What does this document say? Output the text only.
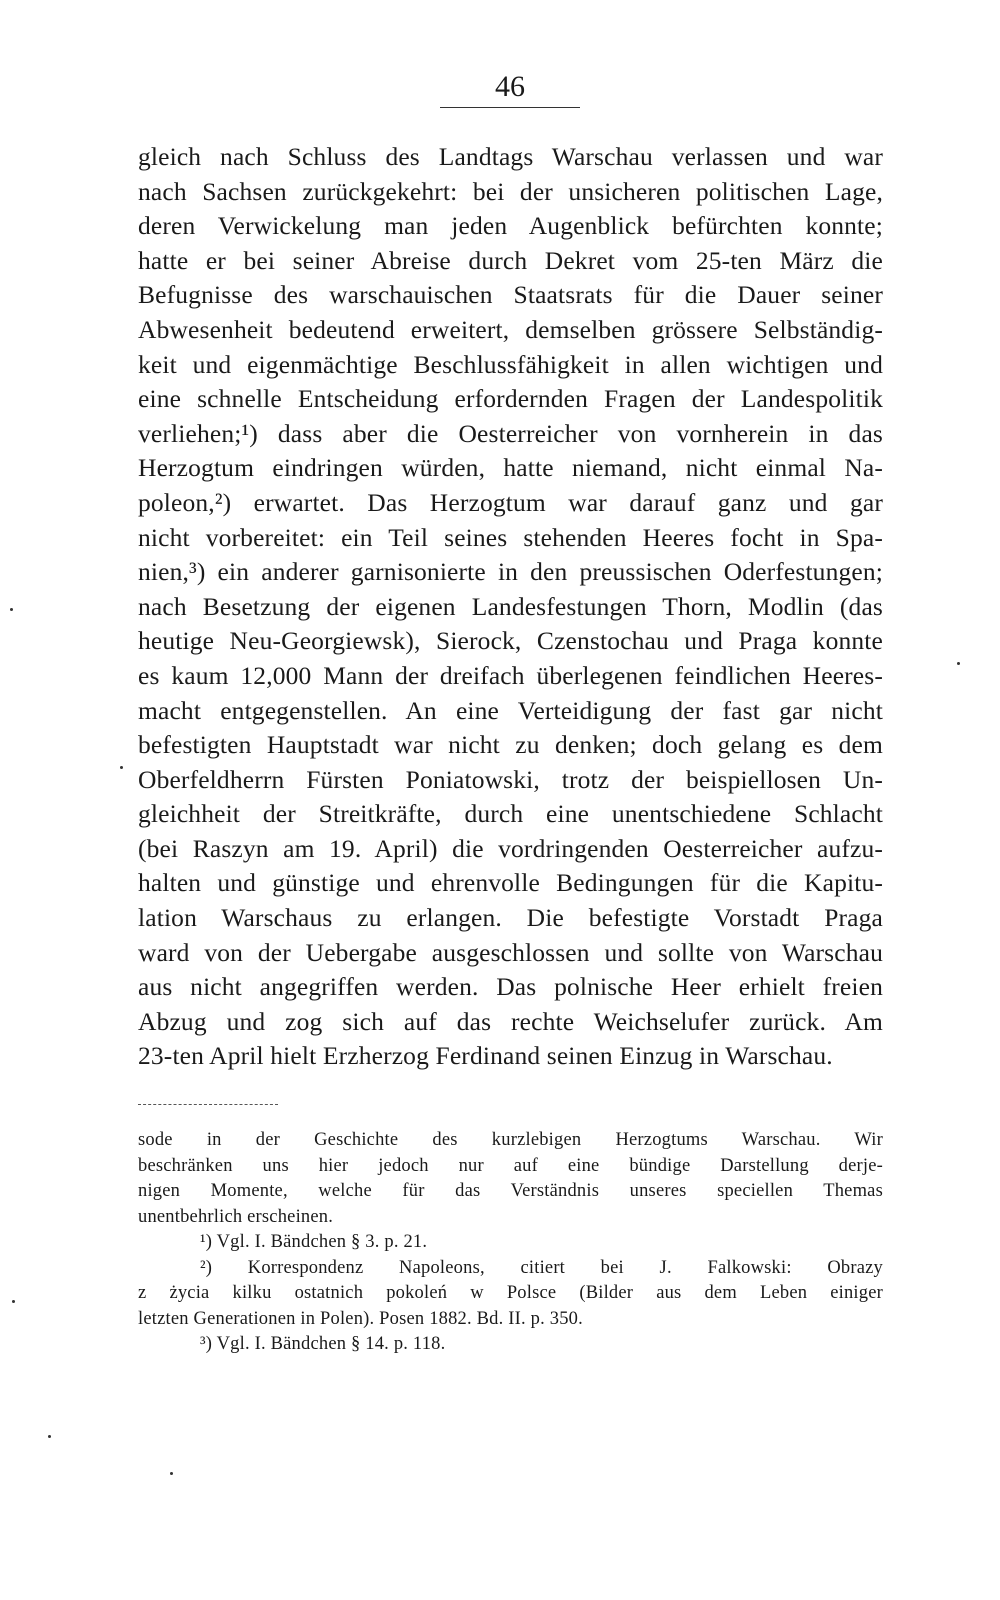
46
gleich nach Schluss des Landtags Warschau verlassen und war
nach Sachsen zurückgekehrt: bei der unsicheren politischen Lage,
deren Verwickelung man jeden Augenblick befürchten konnte;
hatte er bei seiner Abreise durch Dekret vom 25-ten März die
Befugnisse des warschauischen Staatsrats für die Dauer seiner
Abwesenheit bedeutend erweitert, demselben grössere Selbständig-
keit und eigenmächtige Beschlussfähigkeit in allen wichtigen und
eine schnelle Entscheidung erfordernden Fragen der Landespolitik
verliehen;¹) dass aber die Oesterreicher von vornherein in das
Herzogtum eindringen würden, hatte niemand, nicht einmal Na-
poleon,²) erwartet. Das Herzogtum war darauf ganz und gar
nicht vorbereitet: ein Teil seines stehenden Heeres focht in Spa-
nien,³) ein anderer garnisonierte in den preussischen Oderfestungen;
nach Besetzung der eigenen Landesfestungen Thorn, Modlin (das
heutige Neu-Georgiewsk), Sierock, Czenstochau und Praga konnte
es kaum 12,000 Mann der dreifach überlegenen feindlichen Heeres-
macht entgegenstellen. An eine Verteidigung der fast gar nicht
befestigten Hauptstadt war nicht zu denken; doch gelang es dem
Oberfeldherrn Fürsten Poniatowski, trotz der beispiellosen Un-
gleichheit der Streitkräfte, durch eine unentschiedene Schlacht
(bei Raszyn am 19. April) die vordringenden Oesterreicher aufzu-
halten und günstige und ehrenvolle Bedingungen für die Kapitu-
lation Warschaus zu erlangen. Die befestigte Vorstadt Praga
ward von der Uebergabe ausgeschlossen und sollte von Warschau
aus nicht angegriffen werden. Das polnische Heer erhielt freien
Abzug und zog sich auf das rechte Weichselufer zurück. Am
23-ten April hielt Erzherzog Ferdinand seinen Einzug in Warschau.
sode in der Geschichte des kurzlebigen Herzogtums Warschau. Wir
beschränken uns hier jedoch nur auf eine bündige Darstellung derje-
nigen Momente, welche für das Verständnis unseres speciellen Themas
unentbehrlich erscheinen.
¹) Vgl. I. Bändchen § 3. p. 21.
²) Korrespondenz Napoleons, citiert bei J. Falkowski: Obrazy
z życia kilku ostatnich pokoleń w Polsce (Bilder aus dem Leben einiger
letzten Generationen in Polen). Posen 1882. Bd. II. p. 350.
³) Vgl. I. Bändchen § 14. p. 118.
